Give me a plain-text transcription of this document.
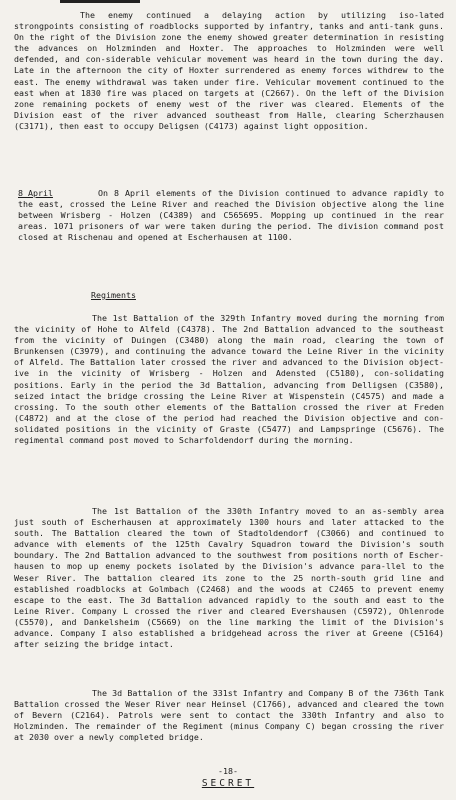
The enemy continued a delaying action by utilizing iso-lated strongpoints consisting of roadblocks supported by infantry, tanks and anti-tank guns. On the right of the Division zone the enemy showed greater determination in resisting the advances on Holzminden and Hoxter. The approaches to Holzminden were well defended, and con-siderable vehicular movement was heard in the town during the day. Late in the afternoon the city of Hoxter surrendered as enemy forces withdrew to the east. The enemy withdrawal was taken under fire. Vehicular movement continued to the east when at 1830 fire was placed on targets at (C2667). On the left of the Division zone remaining pockets of enemy west of the river was cleared. Elements of the Division east of the river advanced southeast from Halle, clearing Scherzhausen (C3171), then east to occupy Deligsen (C4173) against light opposition.
8 April	On 8 April elements of the Division continued to advance rapidly to the east, crossed the Leine River and reached the Division objective along the line between Wrisberg - Holzen (C4389) and C565695. Mopping up continued in the rear areas. 1071 prisoners of war were taken during the period. The division command post closed at Rischenau and opened at Escherhausen at 1100.
Regiments
The 1st Battalion of the 329th Infantry moved during the morning from the vicinity of Hohe to Alfeld (C4378). The 2nd Battalion advanced to the southeast from the vicinity of Duingen (C3480) along the main road, clearing the town of Brunkensen (C3979), and continuing the advance toward the Leine River in the vicinity of Alfeld. The Battalion later crossed the river and advanced to the Division object-ive in the vicinity of Wrisberg - Holzen and Adensted (C5180), con-solidating positions. Early in the period the 3d Battalion, advancing from Delligsen (C3580), seized intact the bridge crossing the Leine River at Wispenstein (C4575) and made a crossing. To the south other elements of the Battalion crossed the river at Freden (C4872) and at the close of the period had reached the Division objective and con-solidated positions in the vicinity of Graste (C5477) and Lampspringe (C5676). The regimental command post moved to Scharfoldendorf during the morning.
The 1st Battalion of the 330th Infantry moved to an as-sembly area just south of Escherhausen at approximately 1300 hours and later attacked to the south. The Battalion cleared the town of Stadtoldendorf (C3066) and continued to advance with elements of the 125th Cavalry Squadron toward the Division's south boundary. The 2nd Battalion advanced to the southwest from positions north of Escher-hausen to mop up enemy pockets isolated by the Division's advance para-llel to the Weser River. The battalion cleared its zone to the 25 north-south grid line and established roadblocks at Golmbach (C2468) and the woods at C2465 to prevent enemy escape to the east. The 3d Battalion advanced rapidly to the south and east to the Leine River. Company L crossed the river and cleared Evershausen (C5972), Ohlenrode (C5570), and Dankelsheim (C5669) on the line marking the limit of the Division's advance. Company I also established a bridgehead across the river at Greene (C5164) after seizing the bridge intact.
The 3d Battalion of the 331st Infantry and Company B of the 736th Tank Battalion crossed the Weser River near Heinsel (C1766), advanced and cleared the town of Bevern (C2164). Patrols were sent to contact the 330th Infantry and also to Holzminden. The remainder of the Regiment (minus Company C) began crossing the river at 2030 over a newly completed bridge.
-18-
SECRET
